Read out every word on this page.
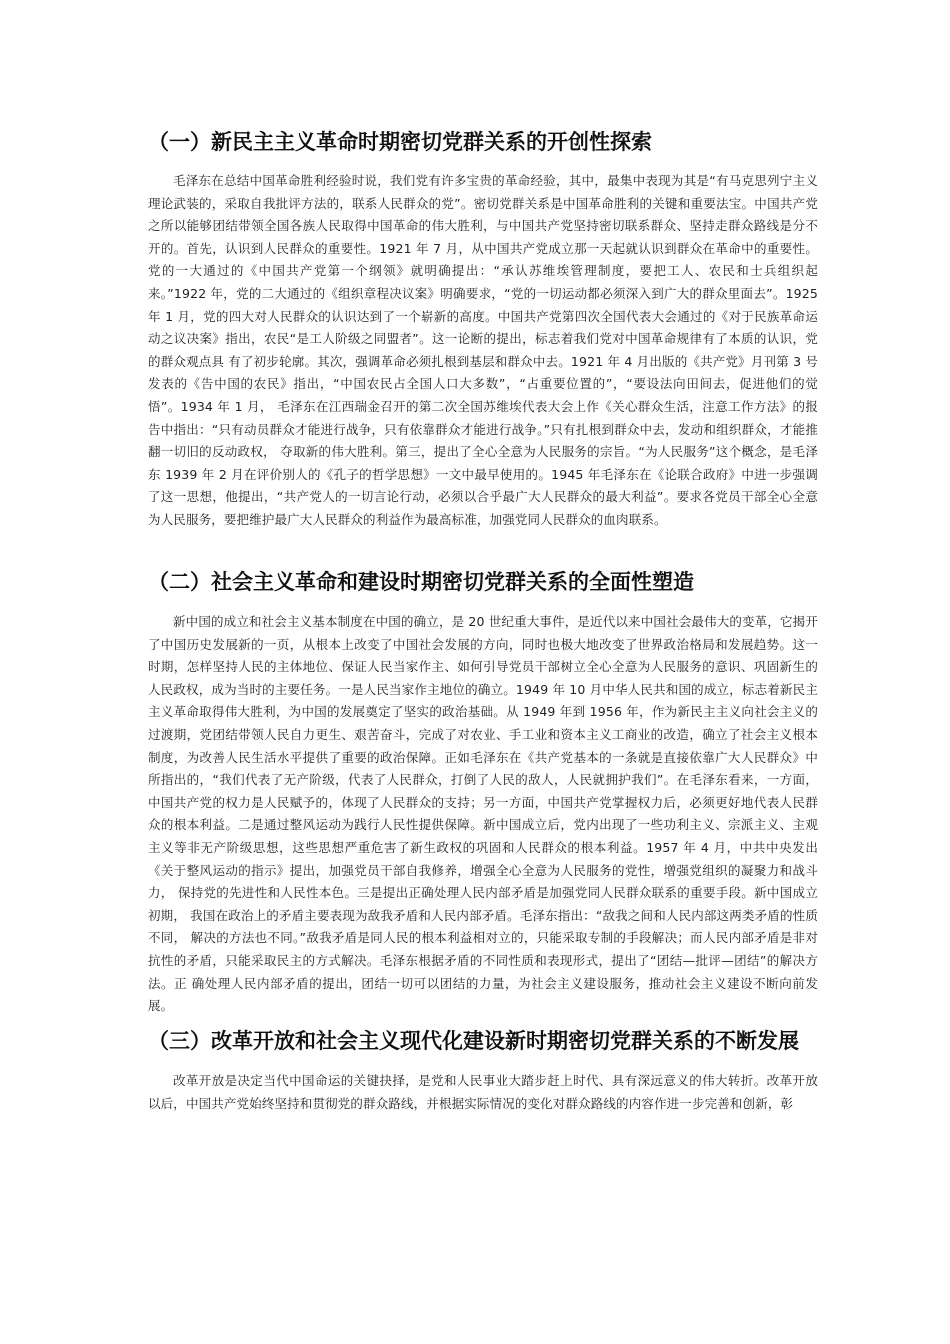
（一）新民主主义革命时期密切党群关系的开创性探索

毛泽东在总结中国革命胜利经验时说，我们党有许多宝贵的革命经验，其中，最集中表现为其是“有马克思列宁主义理论武装的，采取自我批评方法的，联系人民群众的党”。密切党群关系是中国革命胜利的关键和重要法宝。中国共产党之所以能够团结带领全国各族人民取得中国革命的伟大胜利，与中国共产党坚持密切联系群众、坚持走群众路线是分不开的。首先，认识到人民群众的重要性。1921 年 7 月，从中国共产党成立那一天起就认识到群众在革命中的重要性。党的一大通过的《中国共产党第一个纲领》就明确提出：“承认苏维埃管理制度，要把工人、农民和士兵组织起来。”1922 年，党的二大通过的《组织章程决议案》明确要求，“党的一切运动都必须深入到广大的群众里面去”。1925 年 1 月，党的四大对人民群众的认识达到了一个崭新的高度。中国共产党第四次全国代表大会通过的《对于民族革命运动之议决案》指出，农民“是工人阶级之同盟者”。这一论断的提出，标志着我们党对中国革命规律有了本质的认识，党的群众观点具 有了初步轮廓。其次，强调革命必须扎根到基层和群众中去。1921 年 4 月出版的《共产党》月刊第 3 号发表的《告中国的农民》指出，“中国农民占全国人口大多数”，“占重要位置的”，“要设法向田间去，促进他们的觉悟”。1934 年 1 月， 毛泽东在江西瑞金召开的第二次全国苏维埃代表大会上作《关心群众生活，注意工作方法》的报告中指出：“只有动员群众才能进行战争，只有依靠群众才能进行战争。”只有扎根到群众中去，发动和组织群众，才能推翻一切旧的反动政权， 夺取新的伟大胜利。第三，提出了全心全意为人民服务的宗旨。“为人民服务”这个概念，是毛泽东 1939 年 2 月在评价别人的《孔子的哲学思想》一文中最早使用的。1945 年毛泽东在《论联合政府》中进一步强调了这一思想，他提出，“共产党人的一切言论行动，必须以合乎最广大人民群众的最大利益”。要求各党员干部全心全意为人民服务，要把维护最广大人民群众的利益作为最高标准，加强党同人民群众的血肉联系。

（二）社会主义革命和建设时期密切党群关系的全面性塑造

新中国的成立和社会主义基本制度在中国的确立，是 20 世纪重大事件，是近代以来中国社会最伟大的变革，它揭开了中国历史发展新的一页，从根本上改变了中国社会发展的方向，同时也极大地改变了世界政治格局和发展趋势。这一时期，怎样坚持人民的主体地位、保证人民当家作主、如何引导党员干部树立全心全意为人民服务的意识、巩固新生的人民政权，成为当时的主要任务。一是人民当家作主地位的确立。1949 年 10 月中华人民共和国的成立，标志着新民主主义革命取得伟大胜利，为中国的发展奠定了坚实的政治基础。从 1949 年到 1956 年，作为新民主主义向社会主义的过渡期，党团结带领人民自力更生、艰苦奋斗，完成了对农业、手工业和资本主义工商业的改造，确立了社会主义根本制度，为改善人民生活水平提供了重要的政治保障。正如毛泽东在《共产党基本的一条就是直接依靠广大人民群众》中所指出的，“我们代表了无产阶级，代表了人民群众，打倒了人民的敌人，人民就拥护我们”。在毛泽东看来，一方面， 中国共产党的权力是人民赋予的，体现了人民群众的支持；另一方面，中国共产党掌握权力后，必须更好地代表人民群众的根本利益。二是通过整风运动为践行人民性提供保障。新中国成立后，党内出现了一些功利主义、宗派主义、主观主义等非无产阶级思想，这些思想严重危害了新生政权的巩固和人民群众的根本利益。1957 年 4 月，中共中央发出《关于整风运动的指示》提出，加强党员干部自我修养，增强全心全意为人民服务的党性，增强党组织的凝聚力和战斗力， 保持党的先进性和人民性本色。三是提出正确处理人民内部矛盾是加强党同人民群众联系的重要手段。新中国成立初期， 我国在政治上的矛盾主要表现为敌我矛盾和人民内部矛盾。毛泽东指出：“敌我之间和人民内部这两类矛盾的性质不同， 解决的方法也不同。”敌我矛盾是同人民的根本利益相对立的，只能采取专制的手段解决；而人民内部矛盾是非对抗性的矛盾，只能采取民主的方式解决。毛泽东根据矛盾的不同性质和表现形式，提出了“团结—批评—团结”的解决方法。正 确处理人民内部矛盾的提出，团结一切可以团结的力量，为社会主义建设服务，推动社会主义建设不断向前发展。

（三）改革开放和社会主义现代化建设新时期密切党群关系的不断发展

改革开放是决定当代中国命运的关键抉择，是党和人民事业大踏步赶上时代、具有深远意义的伟大转折。改革开放以后，中国共产党始终坚持和贯彻党的群众路线，并根据实际情况的变化对群众路线的内容作进一步完善和创新，彰
